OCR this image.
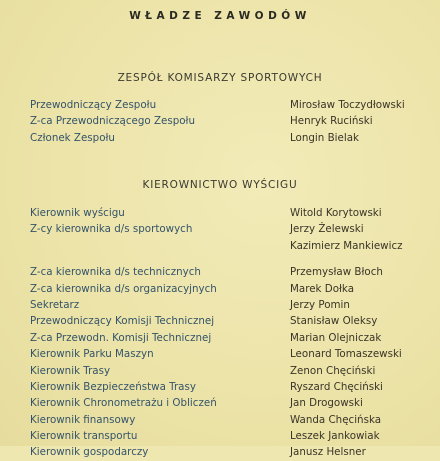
WŁADZE ZAWODÓW
ZESPÓŁ KOMISARZY SPORTOWYCH
Przewodniczący Zespołu	Mirosław Toczydłowski
Z-ca Przewodniczącego Zespołu	Henryk Ruciński
Członek Zespołu	Longin Bielak
KIEROWNICTWO WYŚCIGU
Kierownik wyścigu	Witold Korytowski
Z-cy kierownika d/s sportowych	Jerzy Żelewski
Kazimierz Mankiewicz
Z-ca kierownika d/s technicznych	Przemysław Błoch
Z-ca kierownika d/s organizacyjnych	Marek Dołka
Sekretarz	Jerzy Pomin
Przewodniczący Komisji Technicznej	Stanisław Oleksy
Z-ca Przewodn. Komisji Technicznej	Marian Olejniczak
Kierownik Parku Maszyn	Leonard Tomaszewski
Kierownik Trasy	Zenon Chęciński
Kierownik Bezpieczeństwa Trasy	Ryszard Chęciński
Kierownik Chronometrażu i Obliczeń	Jan Drogowski
Kierownik finansowy	Wanda Chęcińska
Kierownik transportu	Leszek Jankowiak
Kierownik gospodarczy	Janusz Helsner
